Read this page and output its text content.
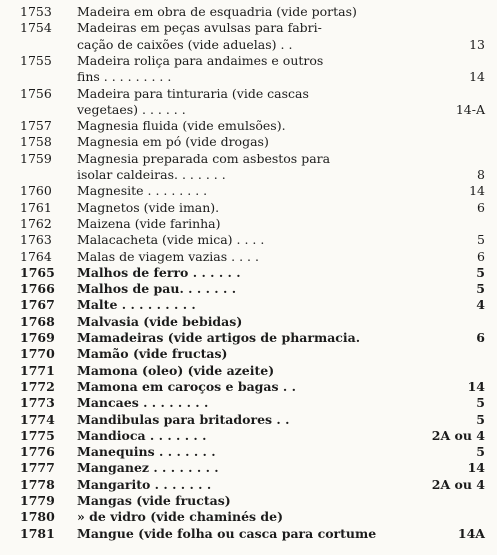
1753	Madeira em obra de esquadria (vide portas)
1754	Madeiras em peças avulsas para fabri-
cação de caixões (vide aduelas) . .	13
1755	Madeira roliça para andaimes e outros
fins . . . . . . . . .	14
1756	Madeira para tinturaria (vide cascas
vegetaes) . . . . . .	14-A
1757	Magnesia fluida (vide emulsões).
1758	Magnesia em pó (vide drogas)
1759	Magnesia preparada com asbestos para
isolar caldeiras. . . . . . .	8
1760	Magnesite . . . . . . . .	14
1761	Magnetos (vide iman).	6
1762	Maizena (vide farinha)
1763	Malacacheta (vide mica) . . . .	5
1764	Malas de viagem vazias . . . .	6
1765	Malhos de ferro . . . . . .	5
1766	Malhos de pau. . . . . . .	5
1767	Malte . . . . . . . . .	4
1768	Malvasia (vide bebidas)
1769	Mamadeiras (vide artigos de pharmacia.	6
1770	Mamão (vide fructas)
1771	Mamona (oleo) (vide azeite)
1772	Mamona em caroços e bagas . .	14
1773	Mancaes . . . . . . . .	5
1774	Mandibulas para britadores . .	5
1775	Mandioca . . . . . . .	2A ou 4
1776	Manequins . . . . . . .	5
1777	Manganez . . . . . . . .	14
1778	Mangarito . . . . . . .	2A ou 4
1779	Mangas (vide fructas)
1780	» de vidro (vide chaminés de)
1781	Mangue (vide folha ou casca para cortume	14A
